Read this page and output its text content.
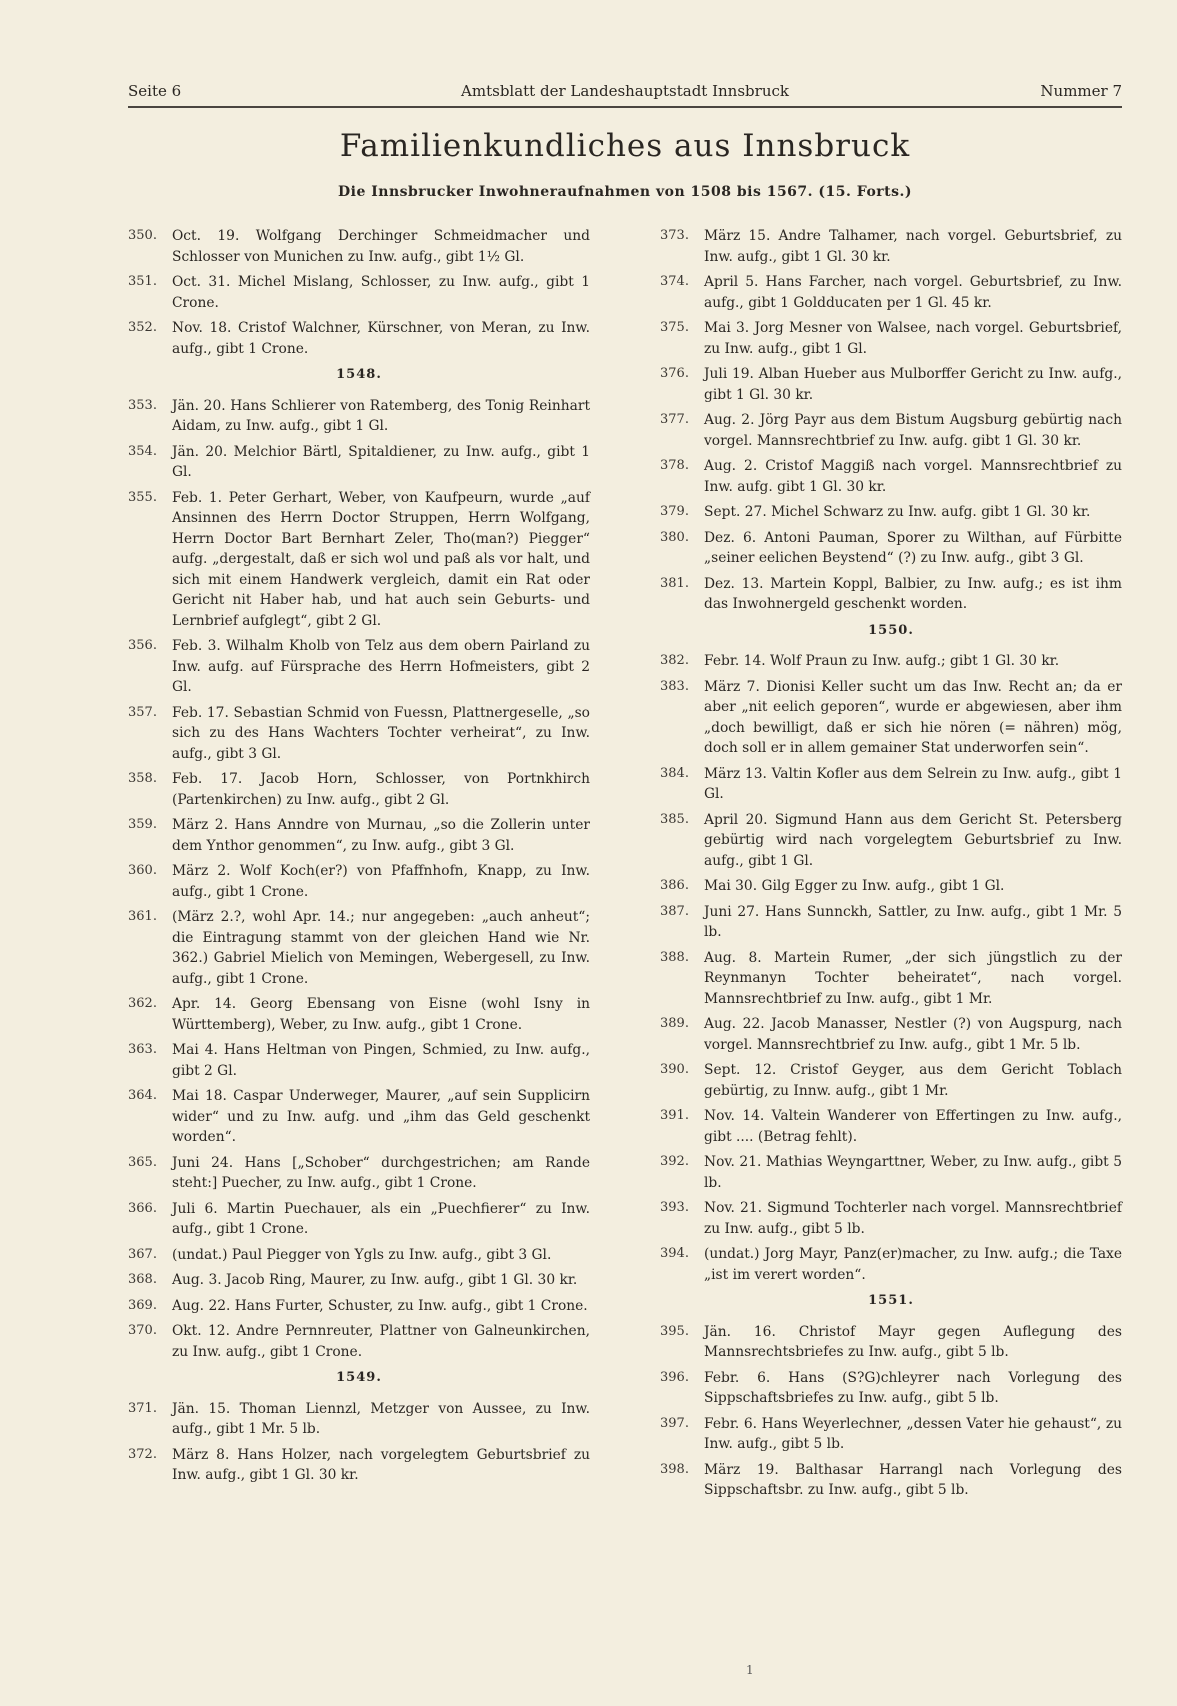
Seite 6	Amtsblatt der Landeshauptstadt Innsbruck	Nummer 7
Familienkundliches aus Innsbruck
Die Innsbrucker Inwohneraufnahmen von 1508 bis 1567. (15. Forts.)
350.	Oct. 19. Wolfgang Derchinger Schmeidmacher und Schlosser von Munichen zu Inw. aufg., gibt 1½ Gl.
351.	Oct. 31. Michel Mislang, Schlosser, zu Inw. aufg., gibt 1 Crone.
352.	Nov. 18. Cristof Walchner, Kürschner, von Meran, zu Inw. aufg., gibt 1 Crone.
1548.
353.	Jän. 20. Hans Schlierer von Ratemberg, des Tonig Reinhart Aidam, zu Inw. aufg., gibt 1 Gl.
354.	Jän. 20. Melchior Bärtl, Spitaldiener, zu Inw. aufg., gibt 1 Gl.
355.	Feb. 1. Peter Gerhart, Weber, von Kaufpeurn, wurde „auf Ansinnen des Herrn Doctor Struppen, Herrn Wolfgang, Herrn Doctor Bart Bernhart Zeler, Tho(man?) Piegger“ aufg. „dergestalt, daß er sich wol und paß als vor halt, und sich mit einem Handwerk vergleich, damit ein Rat oder Gericht nit Haber hab, und hat auch sein Geburts- und Lernbrief aufglegt“, gibt 2 Gl.
356.	Feb. 3. Wilhalm Kholb von Telz aus dem obern Pairland zu Inw. aufg. auf Fürsprache des Herrn Hofmeisters, gibt 2 Gl.
357.	Feb. 17. Sebastian Schmid von Fuessn, Plattnergeselle, „so sich zu des Hans Wachters Tochter verheirat“, zu Inw. aufg., gibt 3 Gl.
358.	Feb. 17. Jacob Horn, Schlosser, von Portnkhirch (Partenkirchen) zu Inw. aufg., gibt 2 Gl.
359.	März 2. Hans Anndre von Murnau, „so die Zollerin unter dem Ynthor genommen“, zu Inw. aufg., gibt 3 Gl.
360.	März 2. Wolf Koch(er?) von Pfaffnhofn, Knapp, zu Inw. aufg., gibt 1 Crone.
361.	(März 2.?, wohl Apr. 14.; nur angegeben: „auch anheut“; die Eintragung stammt von der gleichen Hand wie Nr. 362.) Gabriel Mielich von Memingen, Webergesell, zu Inw. aufg., gibt 1 Crone.
362.	Apr. 14. Georg Ebensang von Eisne (wohl Isny in Württemberg), Weber, zu Inw. aufg., gibt 1 Crone.
363.	Mai 4. Hans Heltman von Pingen, Schmied, zu Inw. aufg., gibt 2 Gl.
364.	Mai 18. Caspar Underweger, Maurer, „auf sein Supplicirn wider“ und zu Inw. aufg. und „ihm das Geld geschenkt worden“.
365.	Juni 24. Hans [„Schober“ durchgestrichen; am Rande steht:] Puecher, zu Inw. aufg., gibt 1 Crone.
366.	Juli 6. Martin Puechauer, als ein „Puechfierer“ zu Inw. aufg., gibt 1 Crone.
367.	(undat.) Paul Piegger von Ygls zu Inw. aufg., gibt 3 Gl.
368.	Aug. 3. Jacob Ring, Maurer, zu Inw. aufg., gibt 1 Gl. 30 kr.
369.	Aug. 22. Hans Furter, Schuster, zu Inw. aufg., gibt 1 Crone.
370.	Okt. 12. Andre Pernnreuter, Plattner von Galneunkirchen, zu Inw. aufg., gibt 1 Crone.
1549.
371.	Jän. 15. Thoman Liennzl, Metzger von Aussee, zu Inw. aufg., gibt 1 Mr. 5 lb.
372.	März 8. Hans Holzer, nach vorgelegtem Geburtsbrief zu Inw. aufg., gibt 1 Gl. 30 kr.
373.	März 15. Andre Talhamer, nach vorgel. Geburtsbrief, zu Inw. aufg., gibt 1 Gl. 30 kr.
374.	April 5. Hans Farcher, nach vorgel. Geburtsbrief, zu Inw. aufg., gibt 1 Goldducaten per 1 Gl. 45 kr.
375.	Mai 3. Jorg Mesner von Walsee, nach vorgel. Geburtsbrief, zu Inw. aufg., gibt 1 Gl.
376.	Juli 19. Alban Hueber aus Mulborffer Gericht zu Inw. aufg., gibt 1 Gl. 30 kr.
377.	Aug. 2. Jörg Payr aus dem Bistum Augsburg gebürtig nach vorgel. Mannsrechtbrief zu Inw. aufg. gibt 1 Gl. 30 kr.
378.	Aug. 2. Cristof Maggiß nach vorgel. Mannsrechtbrief zu Inw. aufg. gibt 1 Gl. 30 kr.
379.	Sept. 27. Michel Schwarz zu Inw. aufg. gibt 1 Gl. 30 kr.
380.	Dez. 6. Antoni Pauman, Sporer zu Wilthan, auf Fürbitte „seiner eelichen Beystend“ (?) zu Inw. aufg., gibt 3 Gl.
381.	Dez. 13. Martein Koppl, Balbier, zu Inw. aufg.; es ist ihm das Inwohnergeld geschenkt worden.
1550.
382.	Febr. 14. Wolf Praun zu Inw. aufg.; gibt 1 Gl. 30 kr.
383.	März 7. Dionisi Keller sucht um das Inw. Recht an; da er aber „nit eelich geporen“, wurde er abgewiesen, aber ihm „doch bewilligt, daß er sich hie nören (= nähren) mög, doch soll er in allem gemainer Stat underworfen sein“.
384.	März 13. Valtin Kofler aus dem Selrein zu Inw. aufg., gibt 1 Gl.
385.	April 20. Sigmund Hann aus dem Gericht St. Petersberg gebürtig wird nach vorgelegtem Geburtsbrief zu Inw. aufg., gibt 1 Gl.
386.	Mai 30. Gilg Egger zu Inw. aufg., gibt 1 Gl.
387.	Juni 27. Hans Sunnckh, Sattler, zu Inw. aufg., gibt 1 Mr. 5 lb.
388.	Aug. 8. Martein Rumer, „der sich jüngstlich zu der Reynmanyn Tochter beheiratet“, nach vorgel. Mannsrechtbrief zu Inw. aufg., gibt 1 Mr.
389.	Aug. 22. Jacob Manasser, Nestler (?) von Augspurg, nach vorgel. Mannsrechtbrief zu Inw. aufg., gibt 1 Mr. 5 lb.
390.	Sept. 12. Cristof Geyger, aus dem Gericht Toblach gebürtig, zu Innw. aufg., gibt 1 Mr.
391.	Nov. 14. Valtein Wanderer von Effertingen zu Inw. aufg., gibt .... (Betrag fehlt).
392.	Nov. 21. Mathias Weyngarttner, Weber, zu Inw. aufg., gibt 5 lb.
393.	Nov. 21. Sigmund Tochterler nach vorgel. Mannsrechtbrief zu Inw. aufg., gibt 5 lb.
394.	(undat.) Jorg Mayr, Panz(er)macher, zu Inw. aufg.; die Taxe „ist im verert worden“.
1551.
395.	Jän. 16. Christof Mayr gegen Auflegung des Mannsrechtsbriefes zu Inw. aufg., gibt 5 lb.
396.	Febr. 6. Hans (S?G)chleyrer nach Vorlegung des Sippschaftsbriefes zu Inw. aufg., gibt 5 lb.
397.	Febr. 6. Hans Weyerlechner, „dessen Vater hie gehaust“, zu Inw. aufg., gibt 5 lb.
398.	März 19. Balthasar Harrangl nach Vorlegung des Sippschaftsbr. zu Inw. aufg., gibt 5 lb.
1
